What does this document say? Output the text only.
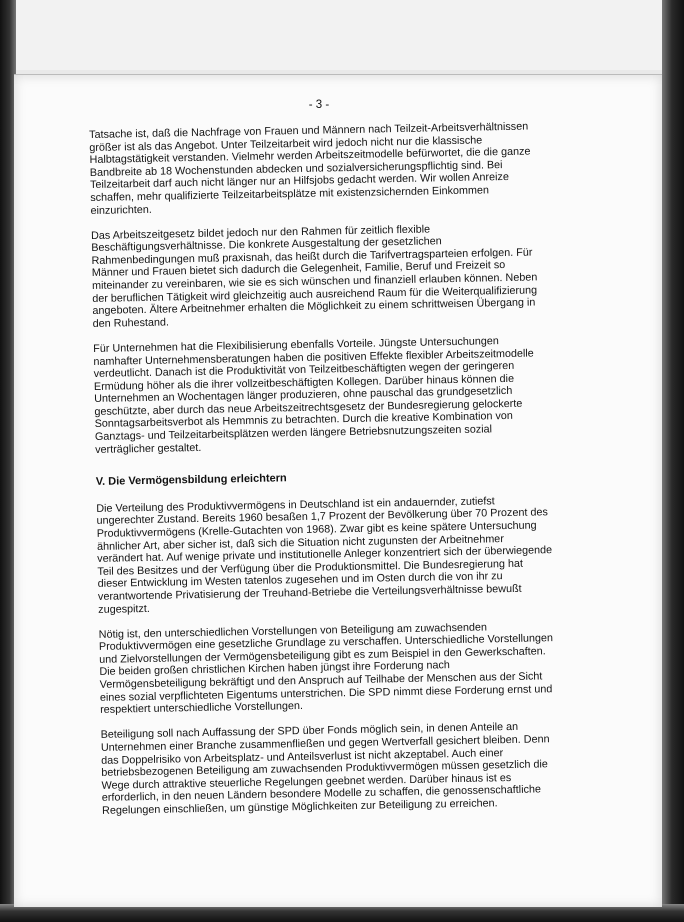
- 3 -

Tatsache ist, daß die Nachfrage von Frauen und Männern nach Teilzeit-Arbeitsverhältnissen größer ist als das Angebot. Unter Teilzeitarbeit wird jedoch nicht nur die klassische Halbtagstätigkeit verstanden. Vielmehr werden Arbeitszeitmodelle befürwortet, die die ganze Bandbreite ab 18 Wochenstunden abdecken und sozialversicherungspflichtig sind. Bei Teilzeitarbeit darf auch nicht länger nur an Hilfsjobs gedacht werden. Wir wollen Anreize schaffen, mehr qualifizierte Teilzeitarbeitsplätze mit existenzsichernden Einkommen einzurichten.

Das Arbeitszeitgesetz bildet jedoch nur den Rahmen für zeitlich flexible Beschäftigungsverhältnisse. Die konkrete Ausgestaltung der gesetzlichen Rahmenbedingungen muß praxisnah, das heißt durch die Tarifvertragsparteien erfolgen. Für Männer und Frauen bietet sich dadurch die Gelegenheit, Familie, Beruf und Freizeit so miteinander zu vereinbaren, wie sie es sich wünschen und finanziell erlauben können. Neben der beruflichen Tätigkeit wird gleichzeitig auch ausreichend Raum für die Weiterqualifizierung angeboten. Ältere Arbeitnehmer erhalten die Möglichkeit zu einem schrittweisen Übergang in den Ruhestand.

Für Unternehmen hat die Flexibilisierung ebenfalls Vorteile. Jüngste Untersuchungen namhafter Unternehmensberatungen haben die positiven Effekte flexibler Arbeitszeitmodelle verdeutlicht. Danach ist die Produktivität von Teilzeitbeschäftigten wegen der geringeren Ermüdung höher als die ihrer vollzeitbeschäftigten Kollegen. Darüber hinaus können die Unternehmen an Wochentagen länger produzieren, ohne pauschal das grundgesetzlich geschützte, aber durch das neue Arbeitszeitrechtsgesetz der Bundesregierung gelockerte Sonntagsarbeitsverbot als Hemmnis zu betrachten. Durch die kreative Kombination von Ganztags- und Teilzeitarbeitsplätzen werden längere Betriebsnutzungszeiten sozial verträglicher gestaltet.

V. Die Vermögensbildung erleichtern

Die Verteilung des Produktivvermögens in Deutschland ist ein andauernder, zutiefst ungerechter Zustand. Bereits 1960 besaßen 1,7 Prozent der Bevölkerung über 70 Prozent des Produktivvermögens (Krelle-Gutachten von 1968). Zwar gibt es keine spätere Untersuchung ähnlicher Art, aber sicher ist, daß sich die Situation nicht zugunsten der Arbeitnehmer verändert hat. Auf wenige private und institutionelle Anleger konzentriert sich der überwiegende Teil des Besitzes und der Verfügung über die Produktionsmittel. Die Bundesregierung hat dieser Entwicklung im Westen tatenlos zugesehen und im Osten durch die von ihr zu verantwortende Privatisierung der Treuhand-Betriebe die Verteilungsverhältnisse bewußt zugespitzt.

Nötig ist, den unterschiedlichen Vorstellungen von Beteiligung am zuwachsenden Produktivvermögen eine gesetzliche Grundlage zu verschaffen. Unterschiedliche Vorstellungen und Zielvorstellungen der Vermögensbeteiligung gibt es zum Beispiel in den Gewerkschaften. Die beiden großen christlichen Kirchen haben jüngst ihre Forderung nach Vermögensbeteiligung bekräftigt und den Anspruch auf Teilhabe der Menschen aus der Sicht eines sozial verpflichteten Eigentums unterstrichen. Die SPD nimmt diese Forderung ernst und respektiert unterschiedliche Vorstellungen.

Beteiligung soll nach Auffassung der SPD über Fonds möglich sein, in denen Anteile an Unternehmen einer Branche zusammenfließen und gegen Wertverfall gesichert bleiben. Denn das Doppelrisiko von Arbeitsplatz- und Anteilsverlust ist nicht akzeptabel. Auch einer betriebsbezogenen Beteiligung am zuwachsenden Produktivvermögen müssen gesetzlich die Wege durch attraktive steuerliche Regelungen geebnet werden. Darüber hinaus ist es erforderlich, in den neuen Ländern besondere Modelle zu schaffen, die genossenschaftliche Regelungen einschließen, um günstige Möglichkeiten zur Beteiligung zu erreichen.
